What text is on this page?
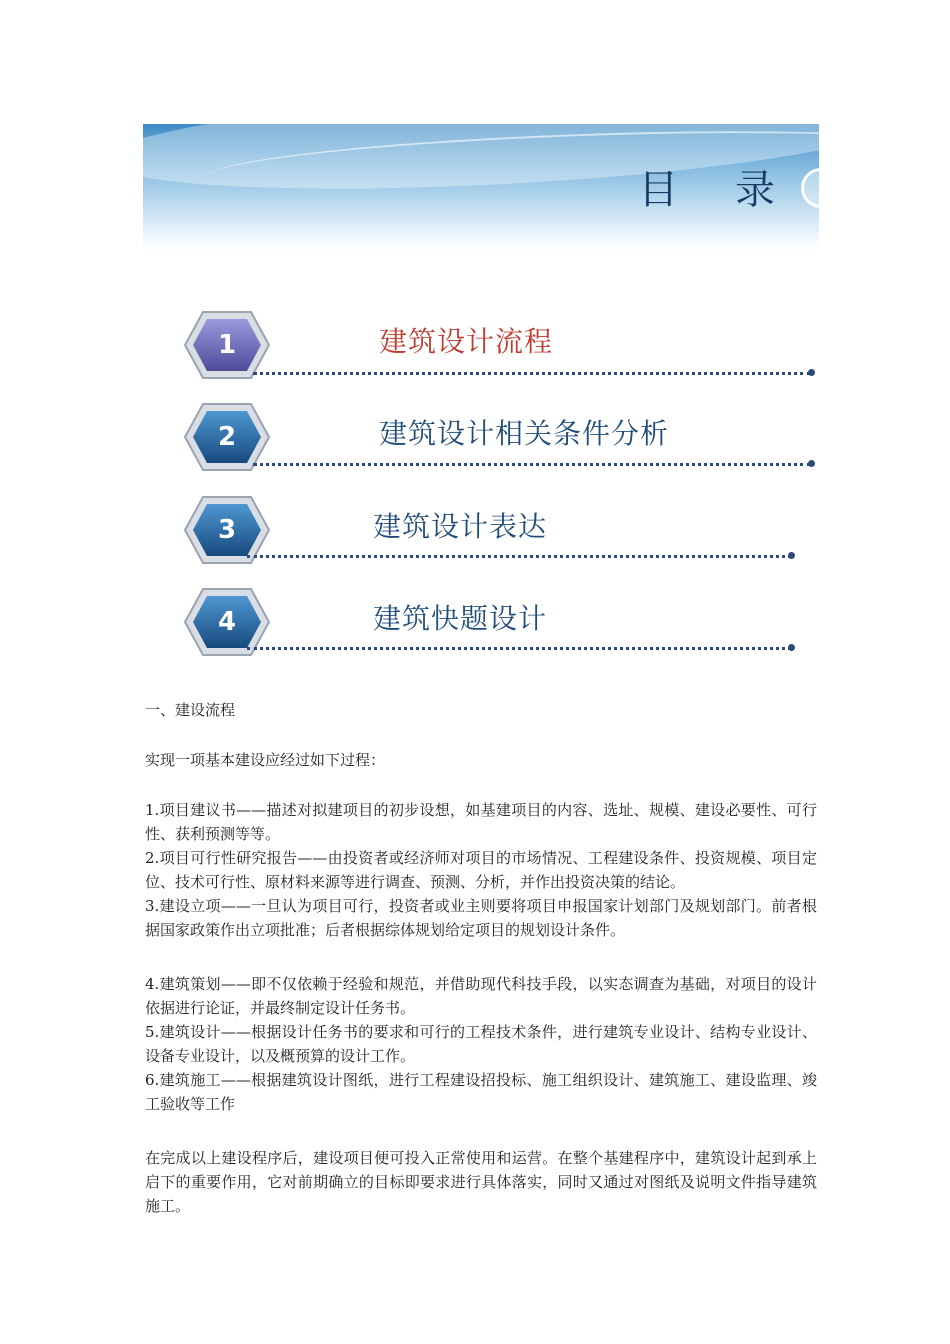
目 录
1	建筑设计流程
2	建筑设计相关条件分析
3	建筑设计表达
4	建筑快题设计
一、建设流程
实现一项基本建设应经过如下过程：

1.项目建议书——描述对拟建项目的初步设想，如基建项目的内容、选址、规模、建设必要性、可行性、获利预测等等。

2.项目可行性研究报告——由投资者或经济师对项目的市场情况、工程建设条件、投资规模、项目定位、技术可行性、原材料来源等进行调查、预测、分析，并作出投资决策的结论。

3.建设立项——一旦认为项目可行，投资者或业主则要将项目申报国家计划部门及规划部门。前者根据国家政策作出立项批准；后者根据综体规划给定项目的规划设计条件。

4.建筑策划——即不仅依赖于经验和规范，并借助现代科技手段，以实态调查为基础，对项目的设计依据进行论证，并最终制定设计任务书。

5.建筑设计——根据设计任务书的要求和可行的工程技术条件，进行建筑专业设计、结构专业设计、设备专业设计，以及概预算的设计工作。

6.建筑施工——根据建筑设计图纸，进行工程建设招投标、施工组织设计、建筑施工、建设监理、竣工验收等工作

在完成以上建设程序后，建设项目便可投入正常使用和运营。在整个基建程序中，建筑设计起到承上启下的重要作用，它对前期确立的目标即要求进行具体落实，同时又通过对图纸及说明文件指导建筑施工。
